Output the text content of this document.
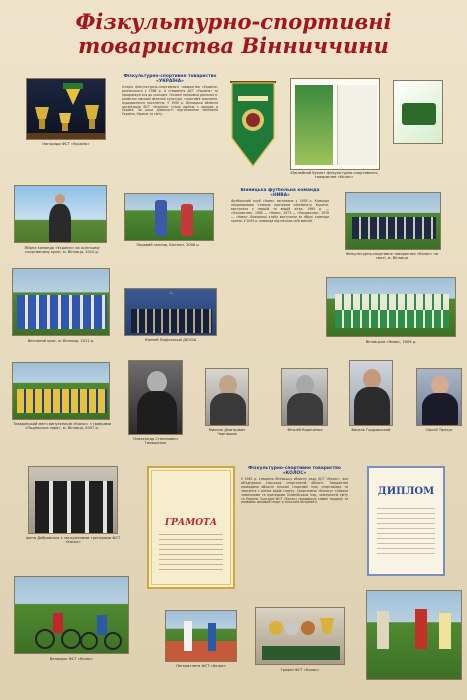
Фізкультурно-спортивні
товариства Вінниччини
Нагороди ФСТ «Україна»
Фізкультурно-спортивне товариство «УКРАЇНА»

Історія фізкультурно-спортивного товариства «Україна» розпочалася у 1988 р. зі створення ДСТ «Україна» та продовжується до сьогодні. Основні напрямки діяльності: розвиток масової фізичної культури, спортивні змагання, оздоровлення населення. У 1990 р. Вінницька обласна організація ФСТ «Україна» стала однією з кращих в Україні. За роки діяльності підготовлено чемпіонів України, Європи та світу.

Ювілейний буклет фізкультурно-спортивного товариства «Колос»
Збірна команда «Україна» на осінньому спортивному кросі, м. Вінниця, 2010 р.
Ледовий заплив, Біатлон, 2008 р.
Вінницька футбольна команда «НИВА»

Футбольний клуб «Нива» засновано у 1958 р. Команда неодноразово ставала призером чемпіонату України, виступала у першій та вищій лігах. 1964 р. — «Локомотив», 1965 — «Нива», 1973 — «Локомотив», 1978 — «Нива». Вихованці клубу виступали за збірні команди країни. У 2009 р. команда відзначила свій ювілей.

Фізкультурно-спортивне товариство «Колос» на святі, м. Вінниця
Весняний крос, м. Вінниця, 2011 р.
~
Ювілей Подільської ДЮСШ	Вінницька «Нива», 2009 р.
Товариський матч випускників «Колос» з гравцями «Подільська зоря», м. Вінниця, 2007 р.
Олександр Степанович Тимошенко
Микола Дмитрович Чернишов
Віталій Кириченко	Василь Гордовський	Сергій Тимчук
Ірина Добровська з заслуженими тренерами ФСТ «Колос»
ГРАМОТА
Фізкультурно-спортивне товариство «КОЛОС»

У 1962 р. створено Вінницьку обласну раду ДСТ «Колос», яка об'єднувала сільських спортсменів області. Товариство проводило обласні сільські спортивні ігри, спартакіади та змагання з різних видів спорту. Спортсмени «Колосу» ставали чемпіонами та призерами Олімпійських ігор, чемпіонатів світу та Європи. Сьогодні ФСТ «Колос» продовжує славні традиції та розвиває масовий спорт у сільській місцевості.

ДИПЛОМ
Велокрос ФСТ «Колос»
Легкоатлети ФСТ «Колос»
Трофеї ФСТ «Колос»
